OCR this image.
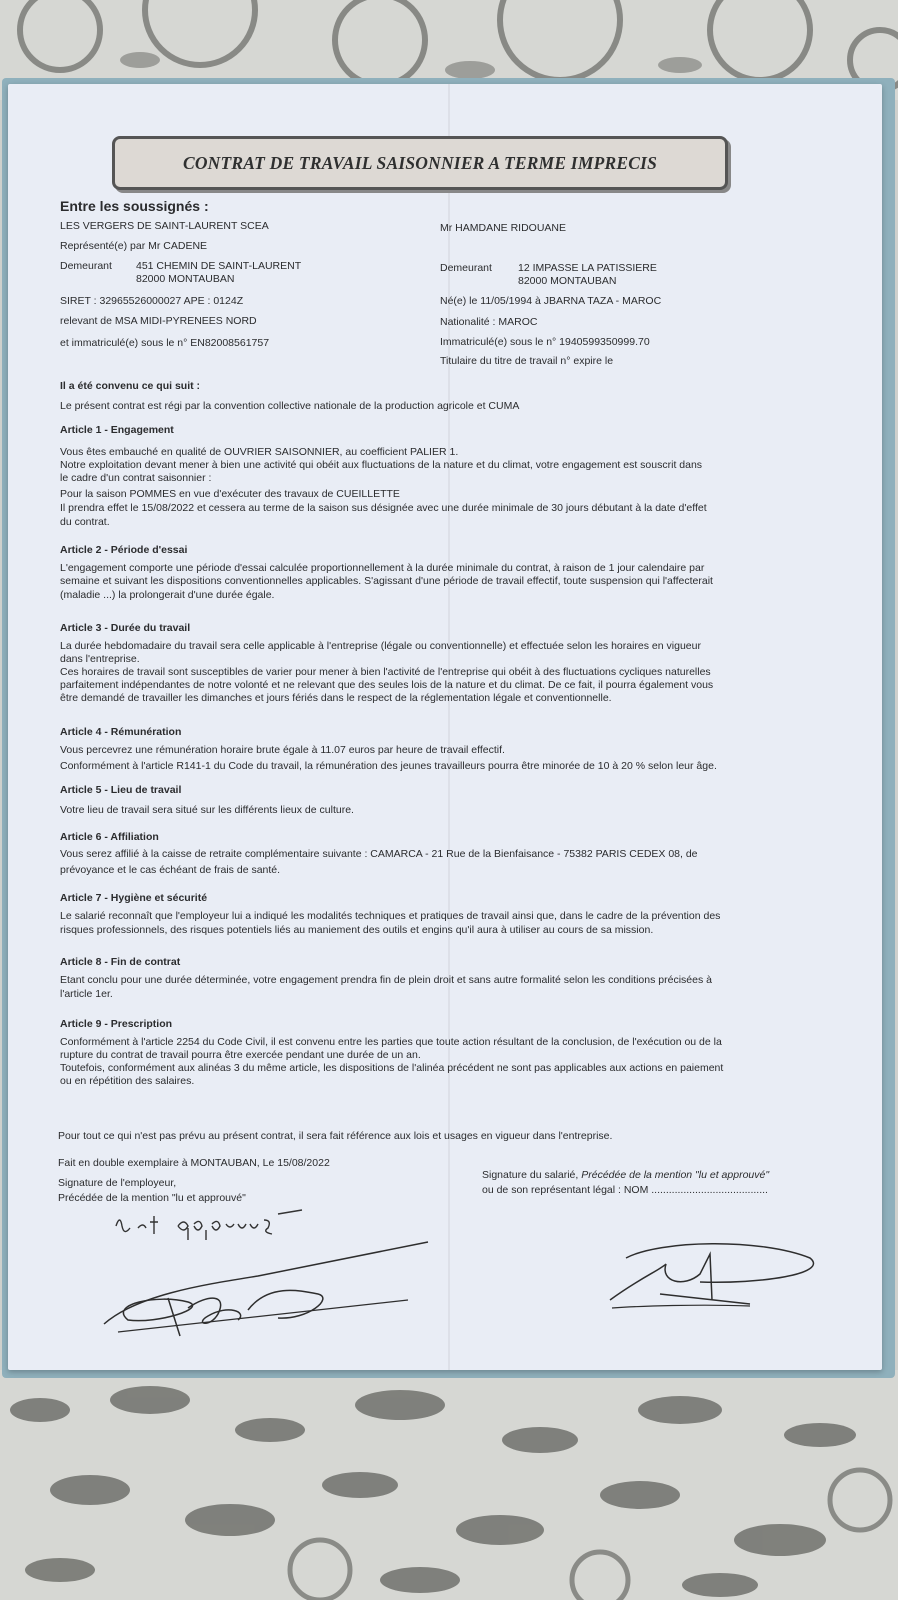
CONTRAT DE TRAVAIL SAISONNIER A TERME IMPRECIS
Entre les soussignés :
LES VERGERS DE SAINT-LAURENT SCEA
Représenté(e) par Mr CADENE
Demeurant 451 CHEMIN DE SAINT-LAURENT
82000 MONTAUBAN
SIRET : 32965526000027 APE : 0124Z
relevant de MSA MIDI-PYRENEES NORD
et immatriculé(e) sous le n° EN82008561757
Mr HAMDANE RIDOUANE
Demeurant 12 IMPASSE LA PATISSIERE
82000 MONTAUBAN
Né(e) le 11/05/1994 à JBARNA TAZA - MAROC
Nationalité : MAROC
Immatriculé(e) sous le n° 1940599350999.70
Titulaire du titre de travail n° expire le
Il a été convenu ce qui suit :
Le présent contrat est régi par la convention collective nationale de la production agricole et CUMA
Article 1 - Engagement
Vous êtes embauché en qualité de OUVRIER SAISONNIER, au coefficient PALIER 1.
Notre exploitation devant mener à bien une activité qui obéit aux fluctuations de la nature et du climat, votre engagement est souscrit dans
le cadre d'un contrat saisonnier :
Pour la saison POMMES en vue d'exécuter des travaux de CUEILLETTE
Il prendra effet le 15/08/2022 et cessera au terme de la saison sus désignée avec une durée minimale de 30 jours débutant à la date d'effet
du contrat.
Article 2 - Période d'essai
L'engagement comporte une période d'essai calculée proportionnellement à la durée minimale du contrat, à raison de 1 jour calendaire par
semaine et suivant les dispositions conventionnelles applicables. S'agissant d'une période de travail effectif, toute suspension qui l'affecterait
(maladie ...) la prolongerait d'une durée égale.
Article 3 - Durée du travail
La durée hebdomadaire du travail sera celle applicable à l'entreprise (légale ou conventionnelle) et effectuée selon les horaires en vigueur
dans l'entreprise.
Ces horaires de travail sont susceptibles de varier pour mener à bien l'activité de l'entreprise qui obéit à des fluctuations cycliques naturelles
parfaitement indépendantes de notre volonté et ne relevant que des seules lois de la nature et du climat. De ce fait, il pourra également vous
être demandé de travailler les dimanches et jours fériés dans le respect de la réglementation légale et conventionnelle.
Article 4 - Rémunération
Vous percevrez une rémunération horaire brute égale à 11.07 euros par heure de travail effectif.
Conformément à l'article R141-1 du Code du travail, la rémunération des jeunes travailleurs pourra être minorée de 10 à 20 % selon leur âge.
Article 5 - Lieu de travail
Votre lieu de travail sera situé sur les différents lieux de culture.
Article 6 - Affiliation
Vous serez affilié à la caisse de retraite complémentaire suivante : CAMARCA - 21 Rue de la Bienfaisance - 75382 PARIS CEDEX 08, de
prévoyance et le cas échéant de frais de santé.
Article 7 - Hygiène et sécurité
Le salarié reconnaît que l'employeur lui a indiqué les modalités techniques et pratiques de travail ainsi que, dans le cadre de la prévention des
risques professionnels, des risques potentiels liés au maniement des outils et engins qu'il aura à utiliser au cours de sa mission.
Article 8 - Fin de contrat
Etant conclu pour une durée déterminée, votre engagement prendra fin de plein droit et sans autre formalité selon les conditions précisées à
l'article 1er.
Article 9 - Prescription
Conformément à l'article 2254 du Code Civil, il est convenu entre les parties que toute action résultant de la conclusion, de l'exécution ou de la
rupture du contrat de travail pourra être exercée pendant une durée de un an.
Toutefois, conformément aux alinéas 3 du même article, les dispositions de l'alinéa précédent ne sont pas applicables aux actions en paiement
ou en répétition des salaires.
Pour tout ce qui n'est pas prévu au présent contrat, il sera fait référence aux lois et usages en vigueur dans l'entreprise.
Fait en double exemplaire à MONTAUBAN, Le 15/08/2022
Signature de l'employeur,
Précédée de la mention "lu et approuvé"
Signature du salarié, Précédée de la mention "lu et approuvé"
ou de son représentant légal : NOM ........................................
